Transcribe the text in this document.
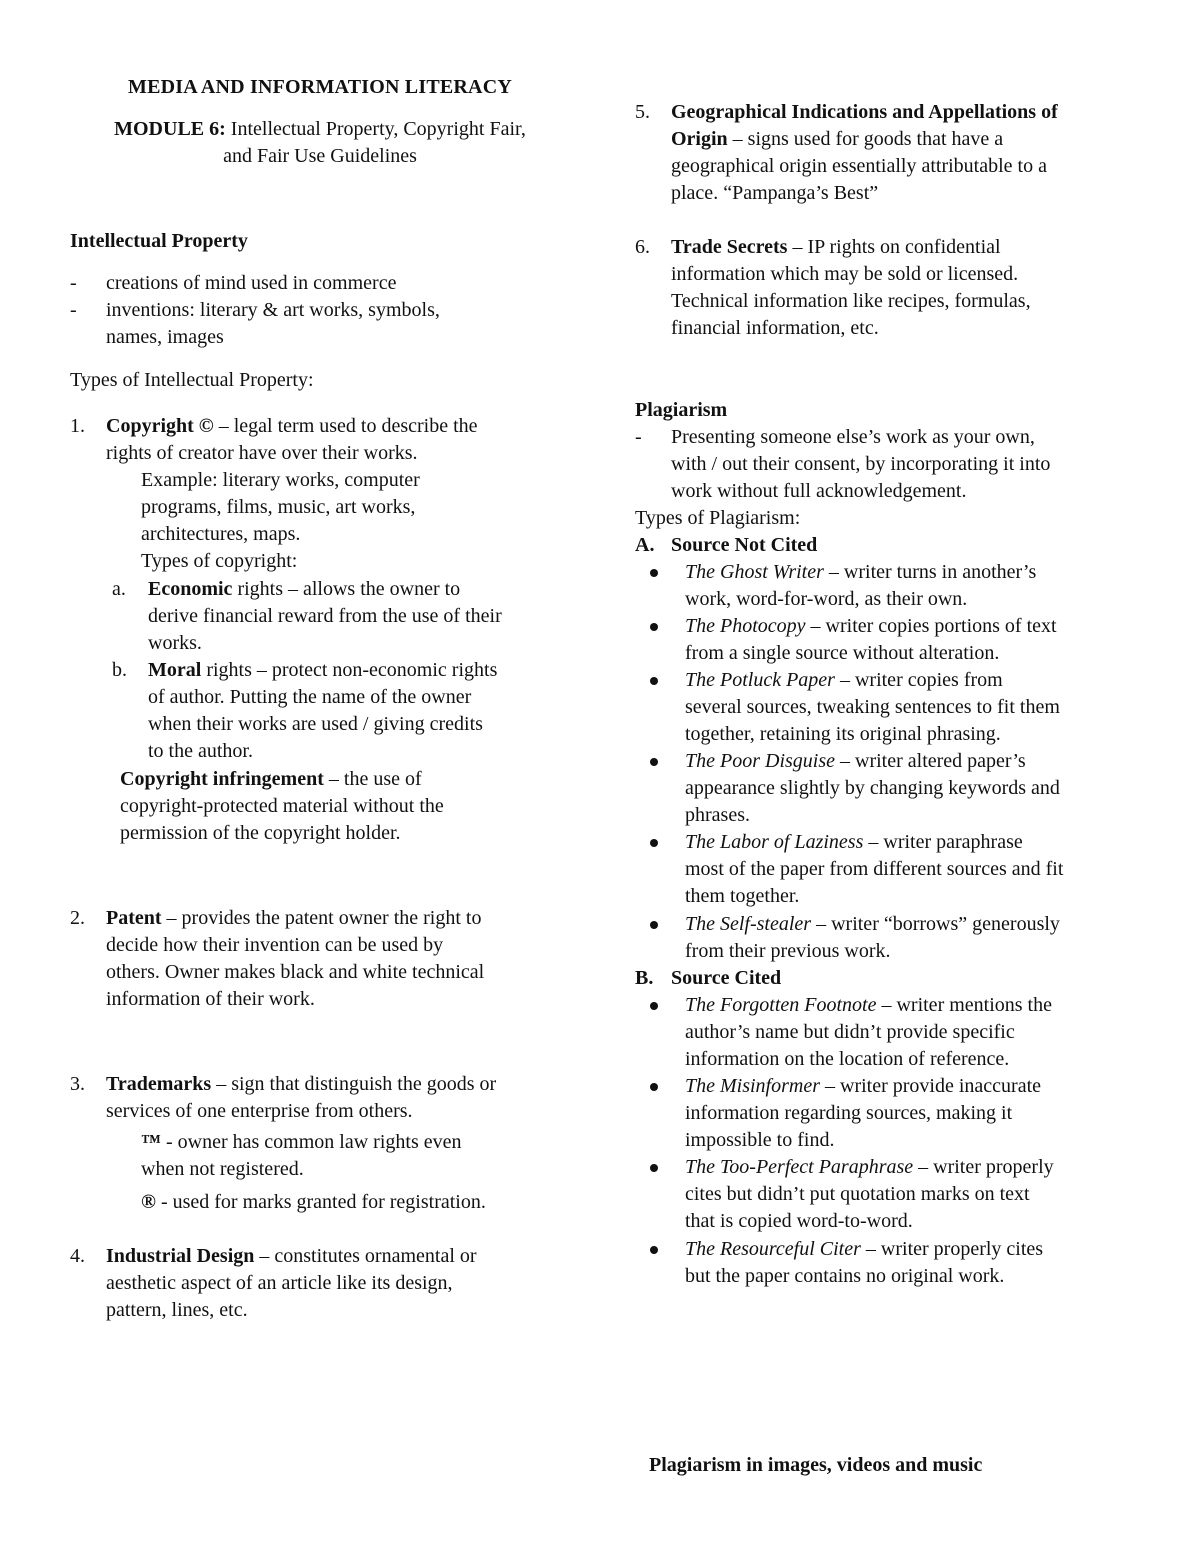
MEDIA AND INFORMATION LITERACY
MODULE 6: Intellectual Property, Copyright Fair,
and Fair Use Guidelines
Intellectual Property
- creations of mind used in commerce
- inventions: literary & art works, symbols,
names, images
Types of Intellectual Property:
1. Copyright © – legal term used to describe the
rights of creator have over their works.
Example: literary works, computer
programs, films, music, art works,
architectures, maps.
Types of copyright:
a. Economic rights – allows the owner to
derive financial reward from the use of their
works.
b. Moral rights – protect non-economic rights
of author. Putting the name of the owner
when their works are used / giving credits
to the author.
Copyright infringement – the use of
copyright-protected material without the
permission of the copyright holder.
2. Patent – provides the patent owner the right to
decide how their invention can be used by
others. Owner makes black and white technical
information of their work.
3. Trademarks – sign that distinguish the goods or
services of one enterprise from others.
™ - owner has common law rights even
when not registered.
® - used for marks granted for registration.
4. Industrial Design – constitutes ornamental or
aesthetic aspect of an article like its design,
pattern, lines, etc.
5. Geographical Indications and Appellations of
Origin – signs used for goods that have a
geographical origin essentially attributable to a
place. “Pampanga’s Best”
6. Trade Secrets – IP rights on confidential
information which may be sold or licensed.
Technical information like recipes, formulas,
financial information, etc.
Plagiarism
- Presenting someone else’s work as your own,
with / out their consent, by incorporating it into
work without full acknowledgement.
Types of Plagiarism:
A. Source Not Cited
The Ghost Writer – writer turns in another’s
work, word-for-word, as their own.
The Photocopy – writer copies portions of text
from a single source without alteration.
The Potluck Paper – writer copies from
several sources, tweaking sentences to fit them
together, retaining its original phrasing.
The Poor Disguise – writer altered paper’s
appearance slightly by changing keywords and
phrases.
The Labor of Laziness – writer paraphrase
most of the paper from different sources and fit
them together.
The Self-stealer – writer “borrows” generously
from their previous work.
B. Source Cited
The Forgotten Footnote – writer mentions the
author’s name but didn’t provide specific
information on the location of reference.
The Misinformer – writer provide inaccurate
information regarding sources, making it
impossible to find.
The Too-Perfect Paraphrase – writer properly
cites but didn’t put quotation marks on text
that is copied word-to-word.
The Resourceful Citer – writer properly cites
but the paper contains no original work.
Plagiarism in images, videos and music
